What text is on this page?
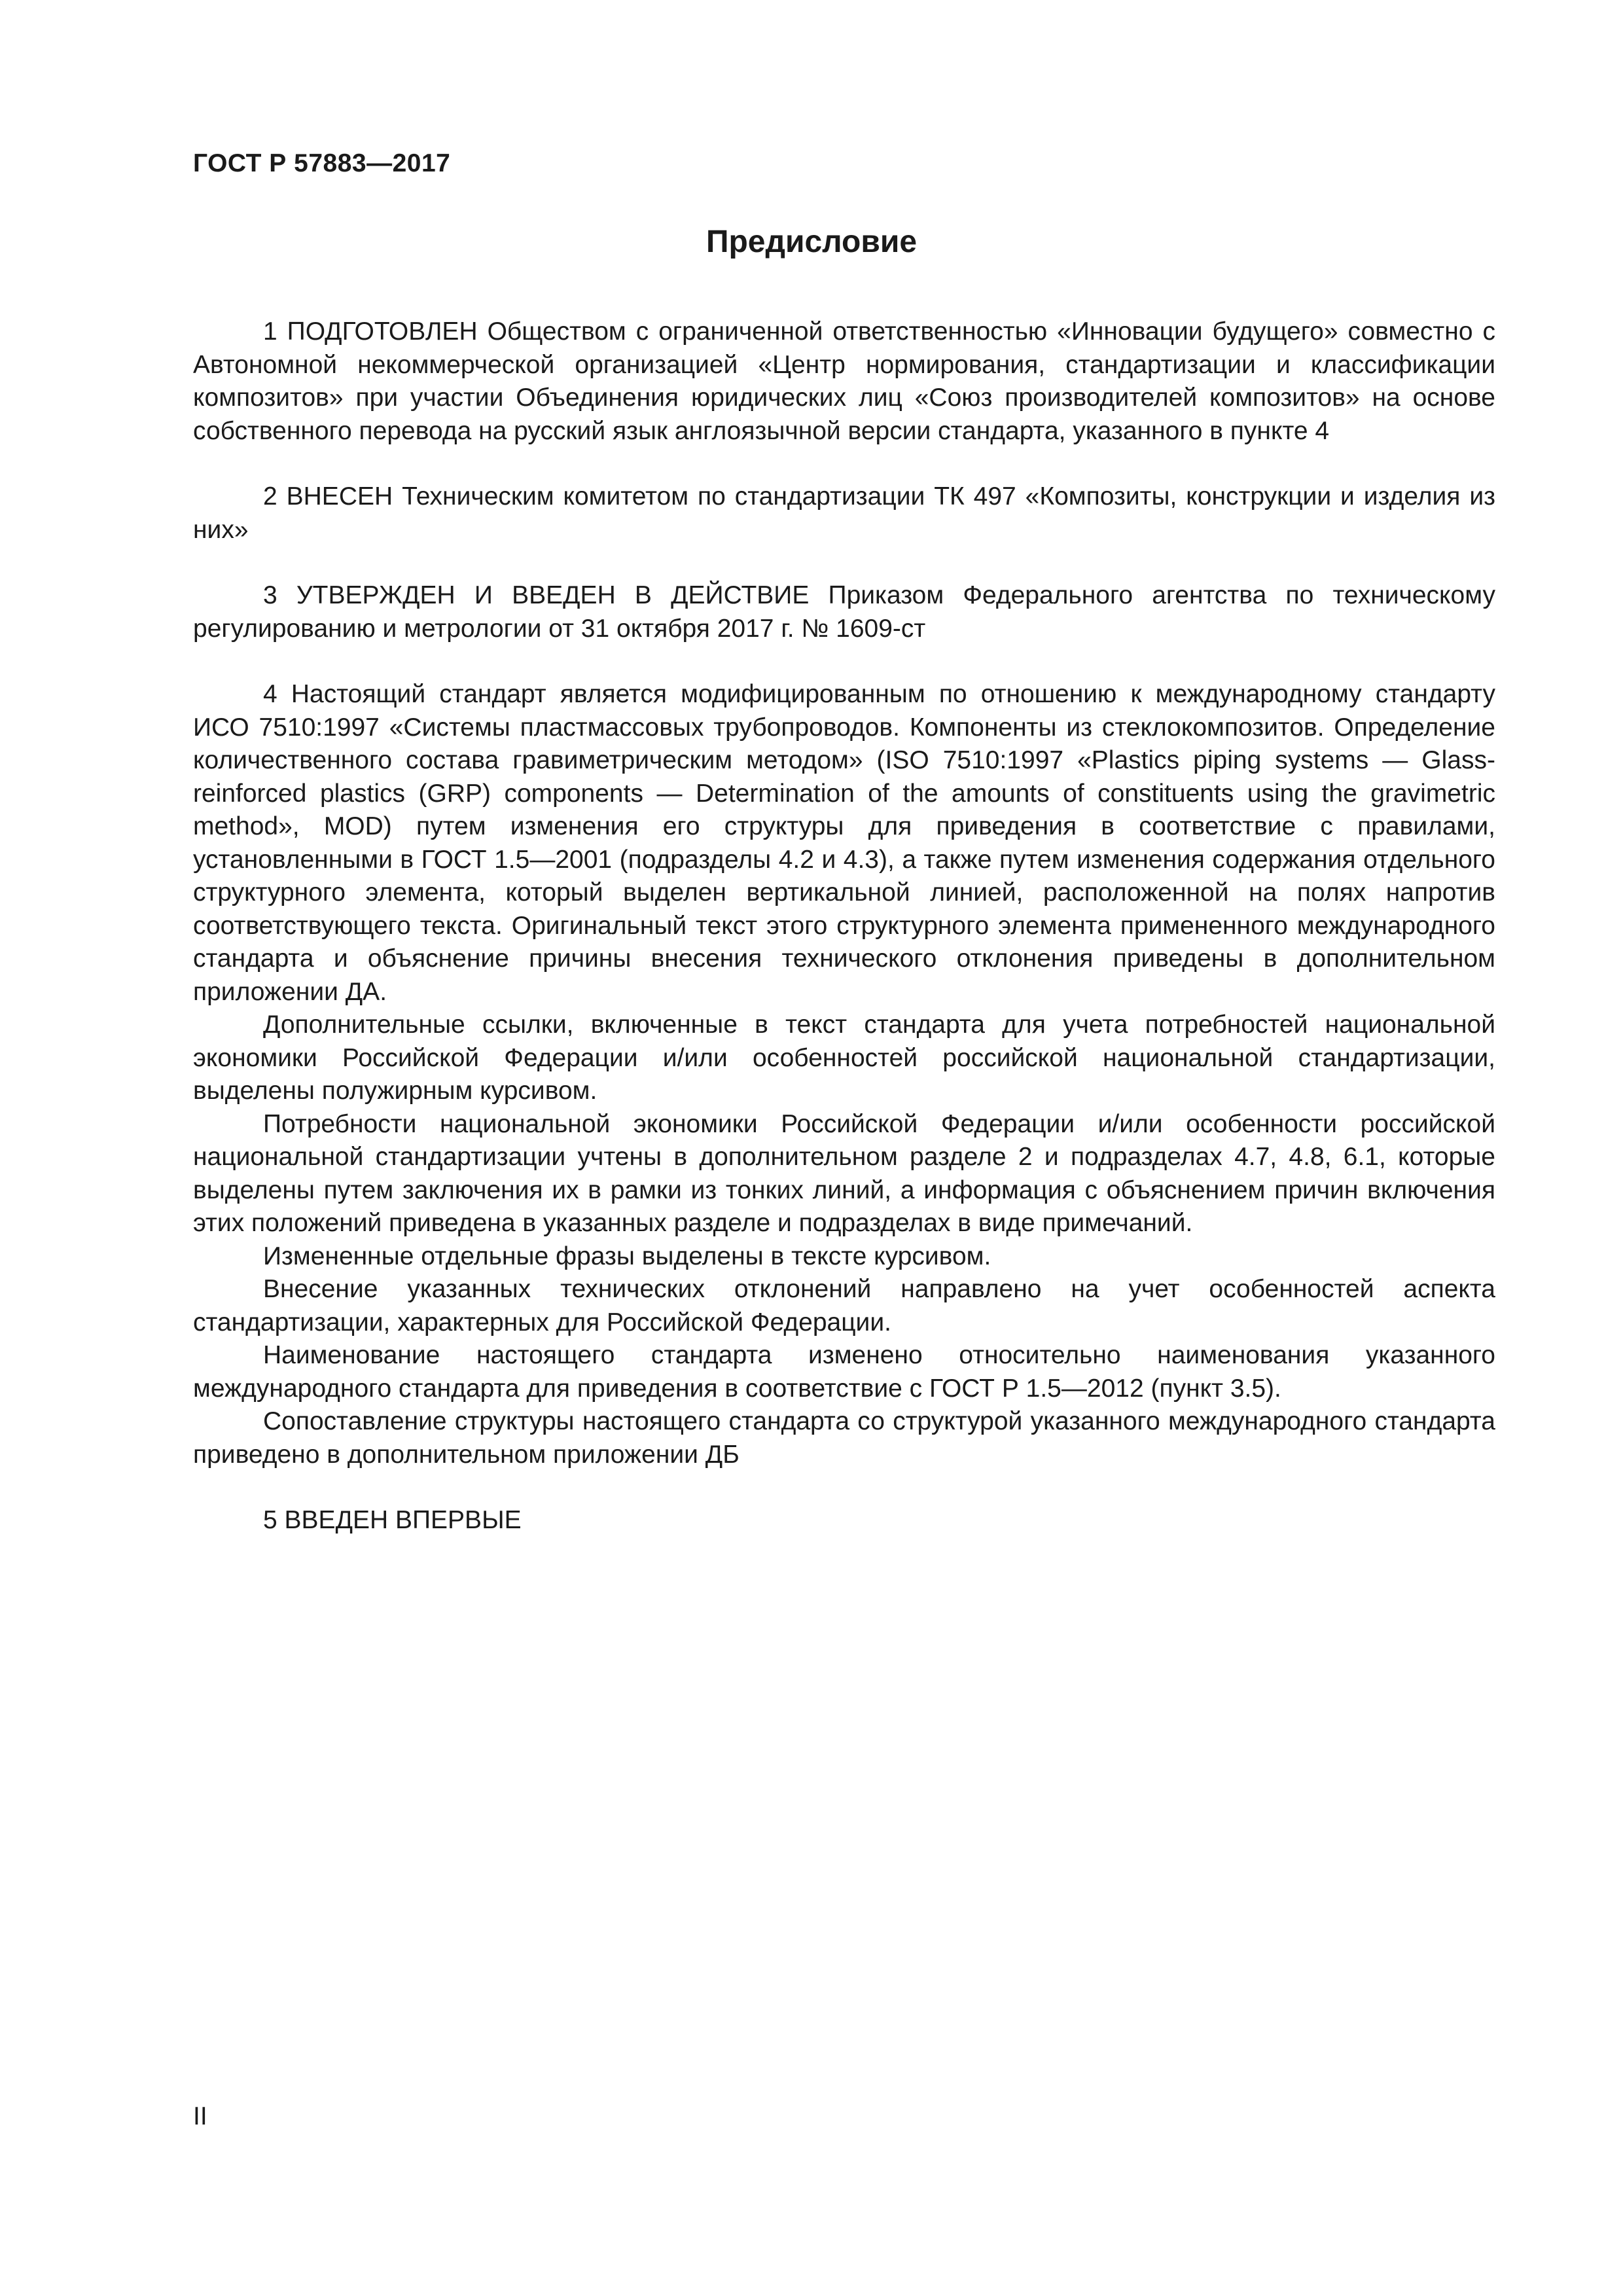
ГОСТ Р 57883—2017
Предисловие

1 ПОДГОТОВЛЕН Обществом с ограниченной ответственностью «Инновации будущего» совместно с Автономной некоммерческой организацией «Центр нормирования, стандартизации и классификации композитов» при участии Объединения юридических лиц «Союз производителей композитов» на основе собственного перевода на русский язык англоязычной версии стандарта, указанного в пункте 4

2 ВНЕСЕН Техническим комитетом по стандартизации ТК 497 «Композиты, конструкции и изделия из них»

3 УТВЕРЖДЕН И ВВЕДЕН В ДЕЙСТВИЕ Приказом Федерального агентства по техническому регулированию и метрологии от 31 октября 2017 г. № 1609-ст

4 Настоящий стандарт является модифицированным по отношению к международному стандарту ИСО 7510:1997 «Системы пластмассовых трубопроводов. Компоненты из стеклокомпозитов. Определение количественного состава гравиметрическим методом» (ISO 7510:1997 «Plastics piping systems — Glass-reinforced plastics (GRP) components — Determination of the amounts of constituents using the gravimetric method», MOD) путем изменения его структуры для приведения в соответствие с правилами, установленными в ГОСТ 1.5—2001 (подразделы 4.2 и 4.3), а также путем изменения содержания отдельного структурного элемента, который выделен вертикальной линией, расположенной на полях напротив соответствующего текста. Оригинальный текст этого структурного элемента примененного международного стандарта и объяснение причины внесения технического отклонения приведены в дополнительном приложении ДА.

Дополнительные ссылки, включенные в текст стандарта для учета потребностей национальной экономики Российской Федерации и/или особенностей российской национальной стандартизации, выделены полужирным курсивом.

Потребности национальной экономики Российской Федерации и/или особенности российской национальной стандартизации учтены в дополнительном разделе 2 и подразделах 4.7, 4.8, 6.1, которые выделены путем заключения их в рамки из тонких линий, а информация с объяснением причин включения этих положений приведена в указанных разделе и подразделах в виде примечаний.

Измененные отдельные фразы выделены в тексте курсивом.

Внесение указанных технических отклонений направлено на учет особенностей аспекта стандартизации, характерных для Российской Федерации.

Наименование настоящего стандарта изменено относительно наименования указанного международного стандарта для приведения в соответствие с ГОСТ Р 1.5—2012 (пункт 3.5).

Сопоставление структуры настоящего стандарта со структурой указанного международного стандарта приведено в дополнительном приложении ДБ

5 ВВЕДЕН ВПЕРВЫЕ

II
